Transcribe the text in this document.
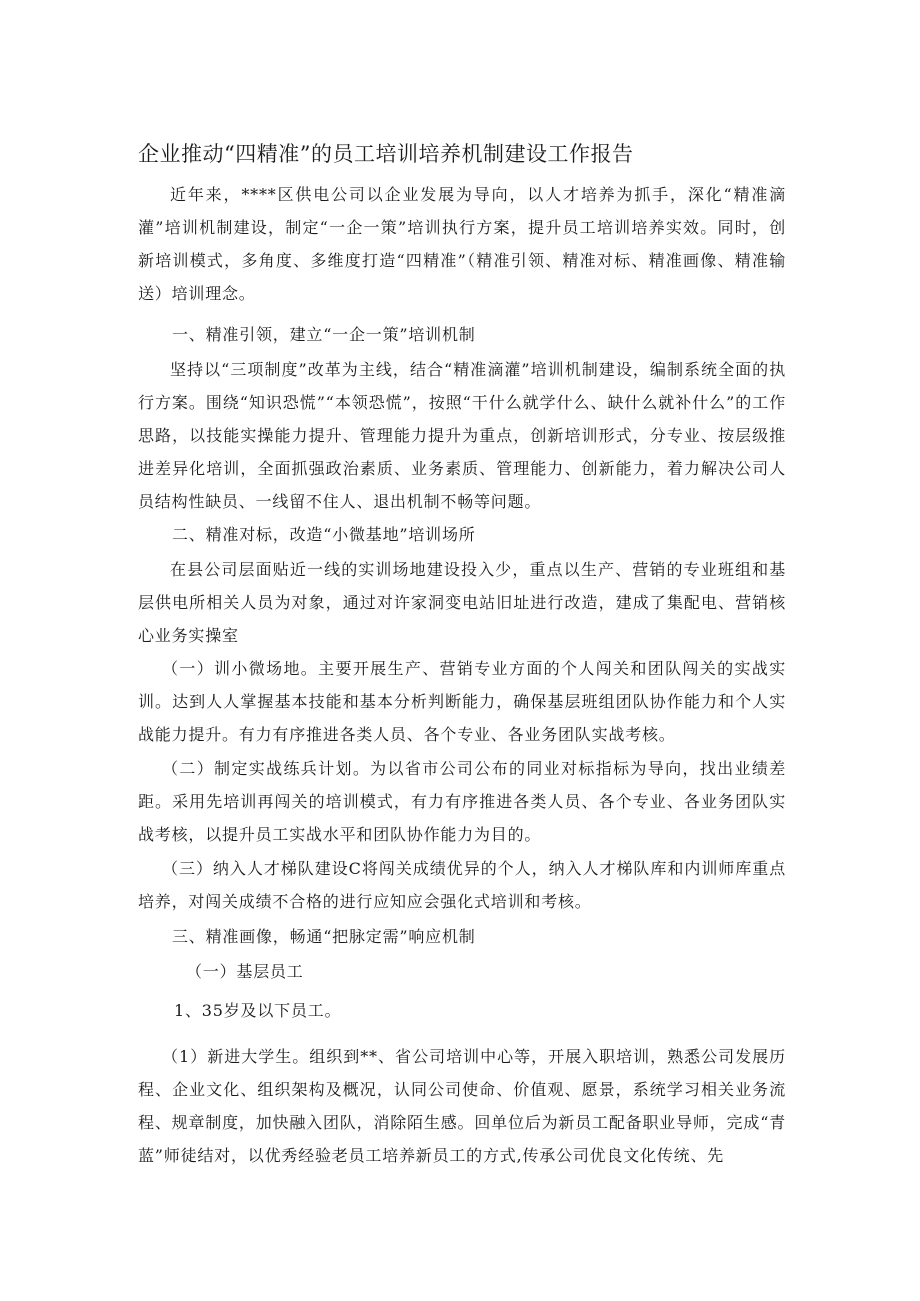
企业推动“四精准”的员工培训培养机制建设工作报告

近年来，****区供电公司以企业发展为导向，以人才培养为抓手，深化“精准滴灌”培训机制建设，制定“一企一策”培训执行方案，提升员工培训培养实效。同时，创新培训模式，多角度、多维度打造“四精准”（精准引领、精准对标、精准画像、精准输送）培训理念。

一、精准引领，建立“一企一策”培训机制

坚持以“三项制度”改革为主线，结合“精准滴灌”培训机制建设，编制系统全面的执行方案。围绕“知识恐慌”“本领恐慌”，按照“干什么就学什么、缺什么就补什么”的工作思路，以技能实操能力提升、管理能力提升为重点，创新培训形式，分专业、按层级推进差异化培训，全面抓强政治素质、业务素质、管理能力、创新能力，着力解决公司人员结构性缺员、一线留不住人、退出机制不畅等问题。

二、精准对标，改造“小微基地”培训场所

在县公司层面贴近一线的实训场地建设投入少，重点以生产、营销的专业班组和基层供电所相关人员为对象，通过对许家洞变电站旧址进行改造，建成了集配电、营销核心业务实操室

（一）训小微场地。主要开展生产、营销专业方面的个人闯关和团队闯关的实战实训。达到人人掌握基本技能和基本分析判断能力，确保基层班组团队协作能力和个人实战能力提升。有力有序推进各类人员、各个专业、各业务团队实战考核。

（二）制定实战练兵计划。为以省市公司公布的同业对标指标为导向，找出业绩差距。采用先培训再闯关的培训模式，有力有序推进各类人员、各个专业、各业务团队实战考核，以提升员工实战水平和团队协作能力为目的。

（三）纳入人才梯队建设C将闯关成绩优异的个人，纳入人才梯队库和内训师库重点培养，对闯关成绩不合格的进行应知应会强化式培训和考核。

三、精准画像，畅通“把脉定需”响应机制

（一）基层员工

1、35岁及以下员工。

（1）新进大学生。组织到**、省公司培训中心等，开展入职培训，熟悉公司发展历程、企业文化、组织架构及概况，认同公司使命、价值观、愿景，系统学习相关业务流程、规章制度，加快融入团队，消除陌生感。回单位后为新员工配备职业导师，完成“青蓝”师徒结对，以优秀经验老员工培养新员工的方式,传承公司优良文化传统、先
